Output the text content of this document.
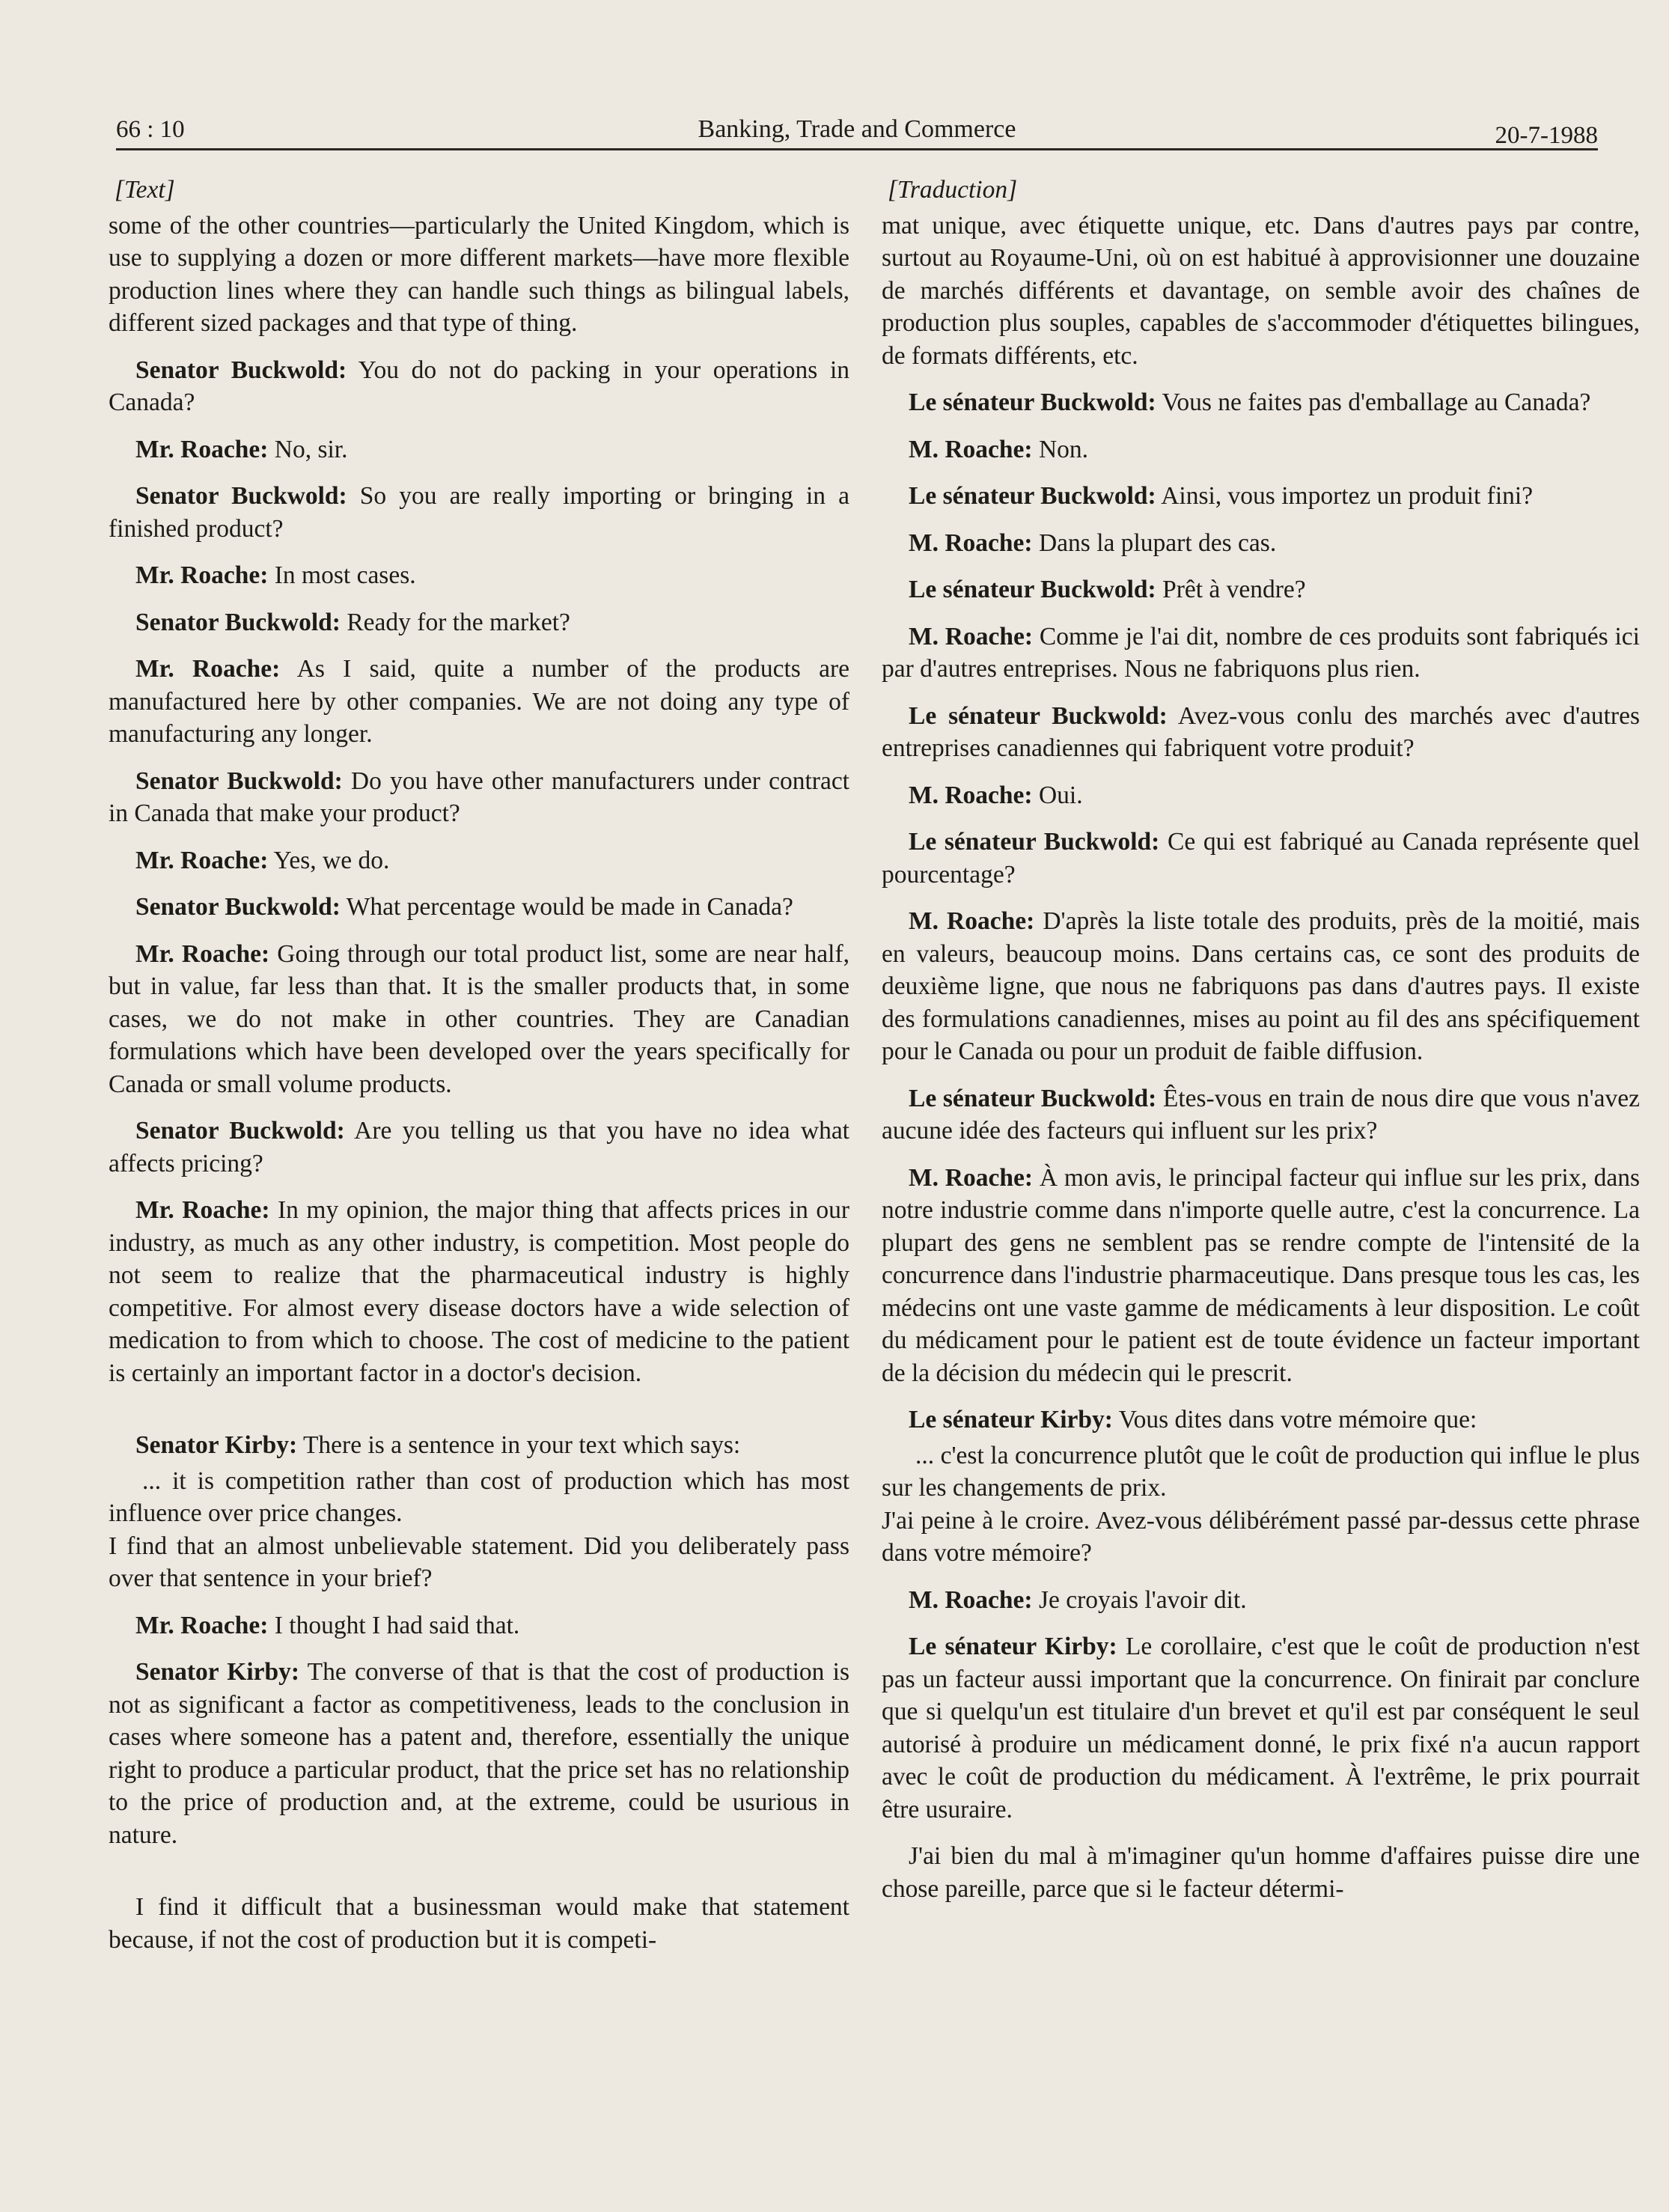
66 : 10	Banking, Trade and Commerce	20-7-1988
[Text]

some of the other countries—particularly the United Kingdom, which is use to supplying a dozen or more different markets—have more flexible production lines where they can handle such things as bilingual labels, different sized packages and that type of thing.

Senator Buckwold: You do not do packing in your operations in Canada?

Mr. Roache: No, sir.

Senator Buckwold: So you are really importing or bringing in a finished product?

Mr. Roache: In most cases.

Senator Buckwold: Ready for the market?

Mr. Roache: As I said, quite a number of the products are manufactured here by other companies. We are not doing any type of manufacturing any longer.

Senator Buckwold: Do you have other manufacturers under contract in Canada that make your product?

Mr. Roache: Yes, we do.

Senator Buckwold: What percentage would be made in Canada?

Mr. Roache: Going through our total product list, some are near half, but in value, far less than that. It is the smaller products that, in some cases, we do not make in other countries. They are Canadian formulations which have been developed over the years specifically for Canada or small volume products.

Senator Buckwold: Are you telling us that you have no idea what affects pricing?

Mr. Roache: In my opinion, the major thing that affects prices in our industry, as much as any other industry, is competition. Most people do not seem to realize that the pharmaceutical industry is highly competitive. For almost every disease doctors have a wide selection of medication to from which to choose. The cost of medicine to the patient is certainly an important factor in a doctor's decision.

Senator Kirby: There is a sentence in your text which says:

... it is competition rather than cost of production which has most influence over price changes.

I find that an almost unbelievable statement. Did you deliberately pass over that sentence in your brief?

Mr. Roache: I thought I had said that.

Senator Kirby: The converse of that is that the cost of production is not as significant a factor as competitiveness, leads to the conclusion in cases where someone has a patent and, therefore, essentially the unique right to produce a particular product, that the price set has no relationship to the price of production and, at the extreme, could be usurious in nature.

I find it difficult that a businessman would make that statement because, if not the cost of production but it is competi-

[Traduction]

mat unique, avec étiquette unique, etc. Dans d'autres pays par contre, surtout au Royaume-Uni, où on est habitué à approvisionner une douzaine de marchés différents et davantage, on semble avoir des chaînes de production plus souples, capables de s'accommoder d'étiquettes bilingues, de formats différents, etc.

Le sénateur Buckwold: Vous ne faites pas d'emballage au Canada?

M. Roache: Non.

Le sénateur Buckwold: Ainsi, vous importez un produit fini?

M. Roache: Dans la plupart des cas.

Le sénateur Buckwold: Prêt à vendre?

M. Roache: Comme je l'ai dit, nombre de ces produits sont fabriqués ici par d'autres entreprises. Nous ne fabriquons plus rien.

Le sénateur Buckwold: Avez-vous conlu des marchés avec d'autres entreprises canadiennes qui fabriquent votre produit?

M. Roache: Oui.

Le sénateur Buckwold: Ce qui est fabriqué au Canada représente quel pourcentage?

M. Roache: D'après la liste totale des produits, près de la moitié, mais en valeurs, beaucoup moins. Dans certains cas, ce sont des produits de deuxième ligne, que nous ne fabriquons pas dans d'autres pays. Il existe des formulations canadiennes, mises au point au fil des ans spécifiquement pour le Canada ou pour un produit de faible diffusion.

Le sénateur Buckwold: Êtes-vous en train de nous dire que vous n'avez aucune idée des facteurs qui influent sur les prix?

M. Roache: À mon avis, le principal facteur qui influe sur les prix, dans notre industrie comme dans n'importe quelle autre, c'est la concurrence. La plupart des gens ne semblent pas se rendre compte de l'intensité de la concurrence dans l'industrie pharmaceutique. Dans presque tous les cas, les médecins ont une vaste gamme de médicaments à leur disposition. Le coût du médicament pour le patient est de toute évidence un facteur important de la décision du médecin qui le prescrit.

Le sénateur Kirby: Vous dites dans votre mémoire que:

... c'est la concurrence plutôt que le coût de production qui influe le plus sur les changements de prix.

J'ai peine à le croire. Avez-vous délibérément passé par-dessus cette phrase dans votre mémoire?

M. Roache: Je croyais l'avoir dit.

Le sénateur Kirby: Le corollaire, c'est que le coût de production n'est pas un facteur aussi important que la concurrence. On finirait par conclure que si quelqu'un est titulaire d'un brevet et qu'il est par conséquent le seul autorisé à produire un médicament donné, le prix fixé n'a aucun rapport avec le coût de production du médicament. À l'extrême, le prix pourrait être usuraire.

J'ai bien du mal à m'imaginer qu'un homme d'affaires puisse dire une chose pareille, parce que si le facteur détermi-
